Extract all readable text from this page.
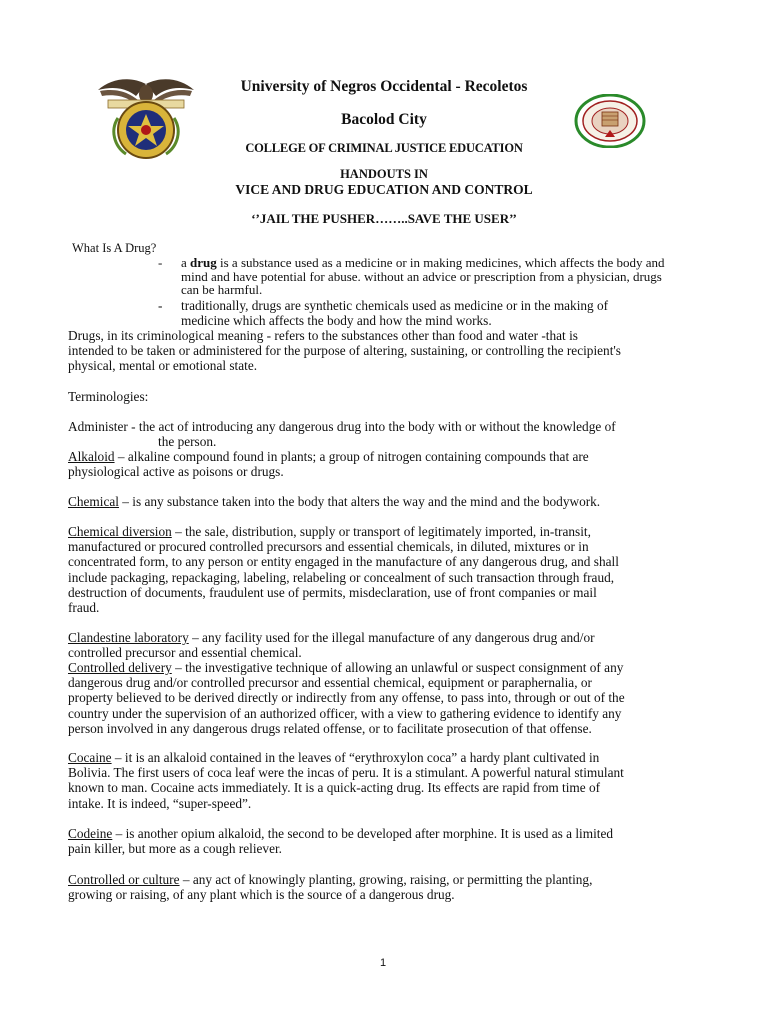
University of Negros Occidental - Recoletos
Bacolod City
COLLEGE OF CRIMINAL JUSTICE EDUCATION
HANDOUTS IN
VICE AND DRUG EDUCATION AND CONTROL
‘’JAIL THE PUSHER……..SAVE THE USER’’
What Is A Drug?
- a drug is a substance used as a medicine or in making medicines, which affects the body and
mind and have potential for abuse. without an advice or prescription from a physician, drugs
can be harmful.
- traditionally, drugs are synthetic chemicals used as medicine or in the making of
medicine which affects the body and how the mind works.
Drugs, in its criminological meaning - refers to the substances other than food and water -that is
intended to be taken or administered for the purpose of altering, sustaining, or controlling the recipient's
physical, mental or emotional state.
Terminologies:
Administer - the act of introducing any dangerous drug into the body with or without the knowledge of
the person.
Alkaloid – alkaline compound found in plants; a group of nitrogen containing compounds that are
physiological active as poisons or drugs.
Chemical – is any substance taken into the body that alters the way and the mind and the bodywork.
Chemical diversion – the sale, distribution, supply or transport of legitimately imported, in-transit,
manufactured or procured controlled precursors and essential chemicals, in diluted, mixtures or in
concentrated form, to any person or entity engaged in the manufacture of any dangerous drug, and shall
include packaging, repackaging, labeling, relabeling or concealment of such transaction through fraud,
destruction of documents, fraudulent use of permits, misdeclaration, use of front companies or mail
fraud.
Clandestine laboratory – any facility used for the illegal manufacture of any dangerous drug and/or
controlled precursor and essential chemical.
Controlled delivery – the investigative technique of allowing an unlawful or suspect consignment of any
dangerous drug and/or controlled precursor and essential chemical, equipment or paraphernalia, or
property believed to be derived directly or indirectly from any offense, to pass into, through or out of the
country under the supervision of an authorized officer, with a view to gathering evidence to identify any
person involved in any dangerous drugs related offense, or to facilitate prosecution of that offense.
Cocaine – it is an alkaloid contained in the leaves of “erythroxylon coca” a hardy plant cultivated in
Bolivia. The first users of coca leaf were the incas of peru. It is a stimulant. A powerful natural stimulant
known to man. Cocaine acts immediately. It is a quick-acting drug. Its effects are rapid from time of
intake. It is indeed, “super-speed”.
Codeine – is another opium alkaloid, the second to be developed after morphine. It is used as a limited
pain killer, but more as a cough reliever.
Controlled or culture – any act of knowingly planting, growing, raising, or permitting the planting,
growing or raising, of any plant which is the source of a dangerous drug.
1
